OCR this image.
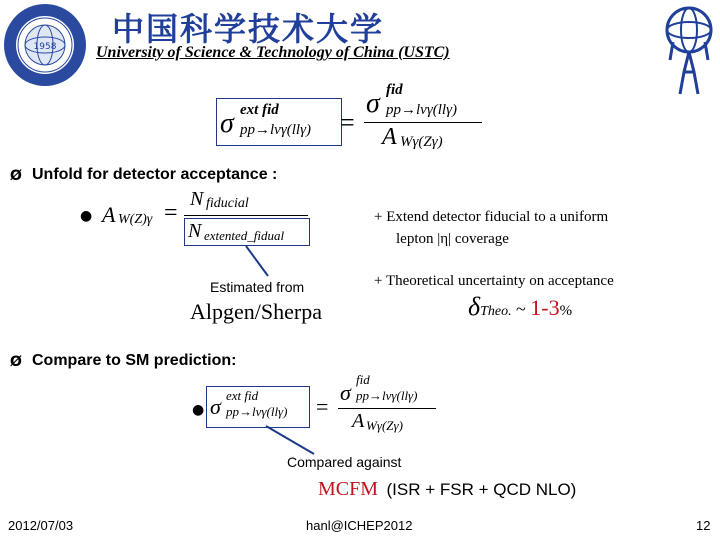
1958 中国科学技术大学
University of Science & Technology of China (USTC)
σ ext fid
pp→lνγ(llγ) =
σ fid
pp→lνγ(llγ)
A Wγ(Zγ)
Ø Unfold for detector acceptance :
● A W(Z)γ =
N fiducial
N extented_fidual
Estimated from
Alpgen/Sherpa
+ Extend detector fiducial to a uniform
lepton |η| coverage
+ Theoretical uncertainty on acceptance
δTheo. ~ 1-3%
Ø Compare to SM prediction:
● σ ext fid
pp→lνγ(llγ) =
σ
fid
pp→lνγ(llγ)
A Wγ(Zγ)
Compared against
MCFM (ISR + FSR + QCD NLO)
2012/07/03	hanl@ICHEP2012	12
